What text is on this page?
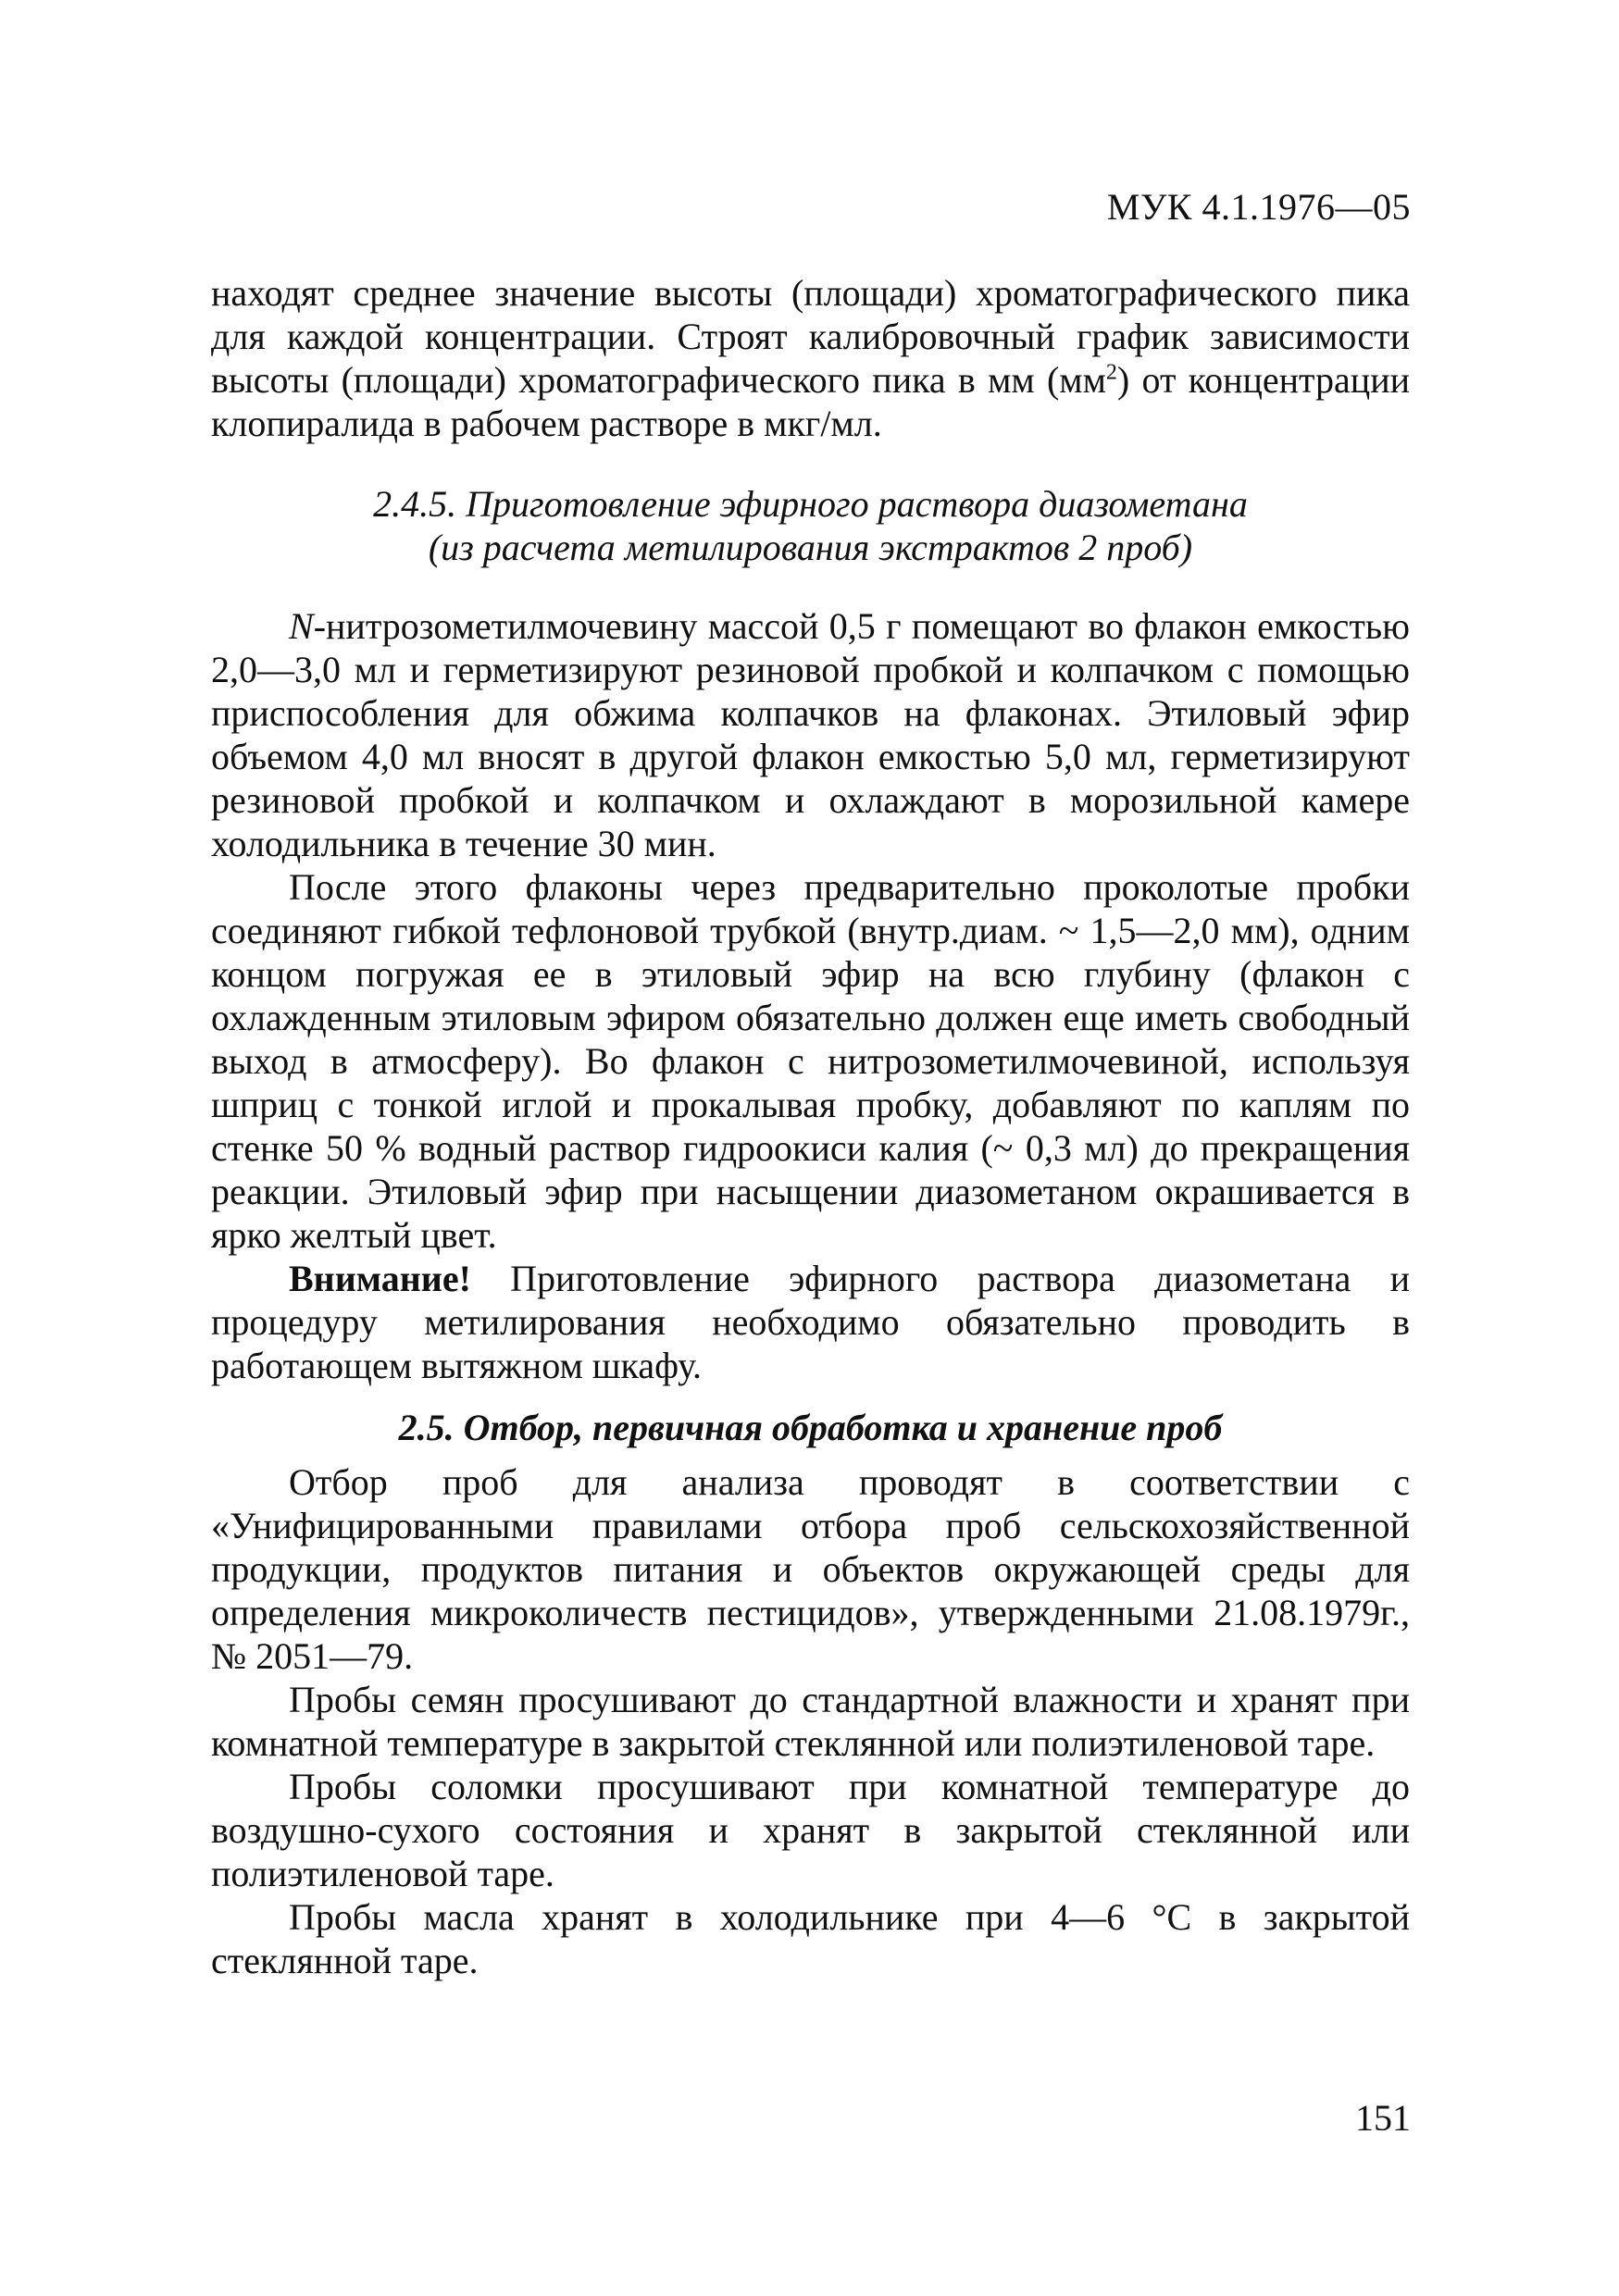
МУК 4.1.1976—05

находят среднее значение высоты (площади) хроматографического пика для каждой концентрации. Строят калибровочный график зависимости высоты (площади) хроматографического пика в мм $(мм^2)$ от концентрации клопиралида в рабочем растворе в мкг/мл.

2.4.5. Приготовление эфирного раствора диазометана
(из расчета метилирования экстрактов 2 проб)

N-нитрозометилмочевину массой 0,5 г помещают во флакон емкостью 2,0—3,0 мл и герметизируют резиновой пробкой и колпачком с помощью приспособления для обжима колпачков на флаконах. Этиловый эфир объемом 4,0 мл вносят в другой флакон емкостью 5,0 мл, герметизируют резиновой пробкой и колпачком и охлаждают в морозильной камере холодильника в течение 30 мин.

После этого флаконы через предварительно проколотые пробки соединяют гибкой тефлоновой трубкой (внутр.диам. ~ 1,5—2,0 мм), одним концом погружая ее в этиловый эфир на всю глубину (флакон с охлажденным этиловым эфиром обязательно должен еще иметь свободный выход в атмосферу). Во флакон с нитрозометилмочевиной, используя шприц с тонкой иглой и прокалывая пробку, добавляют по каплям по стенке 50 % водный раствор гидроокиси калия (~ 0,3 мл) до прекращения реакции. Этиловый эфир при насыщении диазометаном окрашивается в ярко желтый цвет.

Внимание! Приготовление эфирного раствора диазометана и процедуру метилирования необходимо обязательно проводить в работающем вытяжном шкафу.

2.5. Отбор, первичная обработка и хранение проб

Отбор проб для анализа проводят в соответствии с «Унифицированными правилами отбора проб сельскохозяйственной продукции, продуктов питания и объектов окружающей среды для определения микроколичеств пестицидов», утвержденными 21.08.1979г., № 2051—79.

Пробы семян просушивают до стандартной влажности и хранят при комнатной температуре в закрытой стеклянной или полиэтиленовой таре.

Пробы соломки просушивают при комнатной температуре до воздушно-сухого состояния и хранят в закрытой стеклянной или полиэтиленовой таре.

Пробы масла хранят в холодильнике при 4—6 °С в закрытой стеклянной таре.

151
